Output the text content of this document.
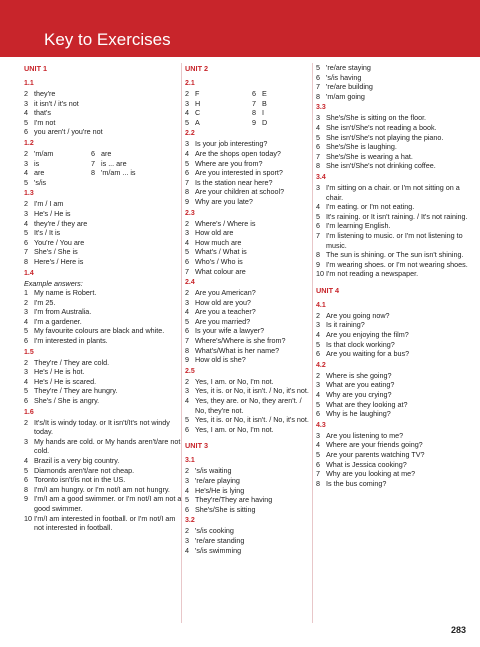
Key to Exercises
UNIT 1
1.1
2 they're
3 it isn't / it's not
4 that's
5 I'm not
6 you aren't / you're not
1.2
2 'm/am	6 are
3 is	7 is ... are
4 are	8 'm/am ... is
5 's/is
1.3
2 I'm / I am
3 He's / He is
4 they're / they are
5 It's / It is
6 You're / You are
7 She's / She is
8 Here's / Here is
1.4
Example answers:
1 My name is Robert.
2 I'm 25.
3 I'm from Australia.
4 I'm a gardener.
5 My favourite colours are black and white.
6 I'm interested in plants.
1.5
2 They're / They are cold.
3 He's / He is hot.
4 He's / He is scared.
5 They're / They are hungry.
6 She's / She is angry.
1.6
2 It's/It is windy today. or It isn't/It's not windy today.
3 My hands are cold. or My hands aren't/are not cold.
4 Brazil is a very big country.
5 Diamonds aren't/are not cheap.
6 Toronto isn't/is not in the US.
8 I'm/I am hungry. or I'm not/I am not hungry.
9 I'm/I am a good swimmer. or I'm not/I am not a good swimmer.
10 I'm/I am interested in football. or I'm not/I am not interested in football.
UNIT 2
2.1
2 F	6 E
3 H	7 B
4 C	8 I
5 A	9 D
2.2
3 Is your job interesting?
4 Are the shops open today?
5 Where are you from?
6 Are you interested in sport?
7 Is the station near here?
8 Are your children at school?
9 Why are you late?
2.3
2 Where's / Where is
3 How old are
4 How much are
5 What's / What is
6 Who's / Who is
7 What colour are
2.4
2 Are you American?
3 How old are you?
4 Are you a teacher?
5 Are you married?
6 Is your wife a lawyer?
7 Where's/Where is she from?
8 What's/What is her name?
9 How old is she?
2.5
2 Yes, I am. or No, I'm not.
3 Yes, it is. or No, it isn't. / No, it's not.
4 Yes, they are. or No, they aren't. / No, they're not.
5 Yes, it is. or No, it isn't. / No, it's not.
6 Yes, I am. or No, I'm not.
UNIT 3
3.1
2 's/is waiting
3 're/are playing
4 He's/He is lying
5 They're/They are having
6 She's/She is sitting
3.2
2 's/is cooking
3 're/are standing
4 's/is swimming
5 're/are staying
6 's/is having
7 're/are building
8 'm/am going
3.3
3 She's/She is sitting on the floor.
4 She isn't/She's not reading a book.
5 She isn't/She's not playing the piano.
6 She's/She is laughing.
7 She's/She is wearing a hat.
8 She isn't/She's not drinking coffee.
3.4
3 I'm sitting on a chair. or I'm not sitting on a chair.
4 I'm eating. or I'm not eating.
5 It's raining. or It isn't raining. / It's not raining.
6 I'm learning English.
7 I'm listening to music. or I'm not listening to music.
8 The sun is shining. or The sun isn't shining.
9 I'm wearing shoes. or I'm not wearing shoes.
10 I'm not reading a newspaper.
UNIT 4
4.1
2 Are you going now?
3 Is it raining?
4 Are you enjoying the film?
5 Is that clock working?
6 Are you waiting for a bus?
4.2
2 Where is she going?
3 What are you eating?
4 Why are you crying?
5 What are they looking at?
6 Why is he laughing?
4.3
3 Are you listening to me?
4 Where are your friends going?
5 Are your parents watching TV?
6 What is Jessica cooking?
7 Why are you looking at me?
8 Is the bus coming?
283
